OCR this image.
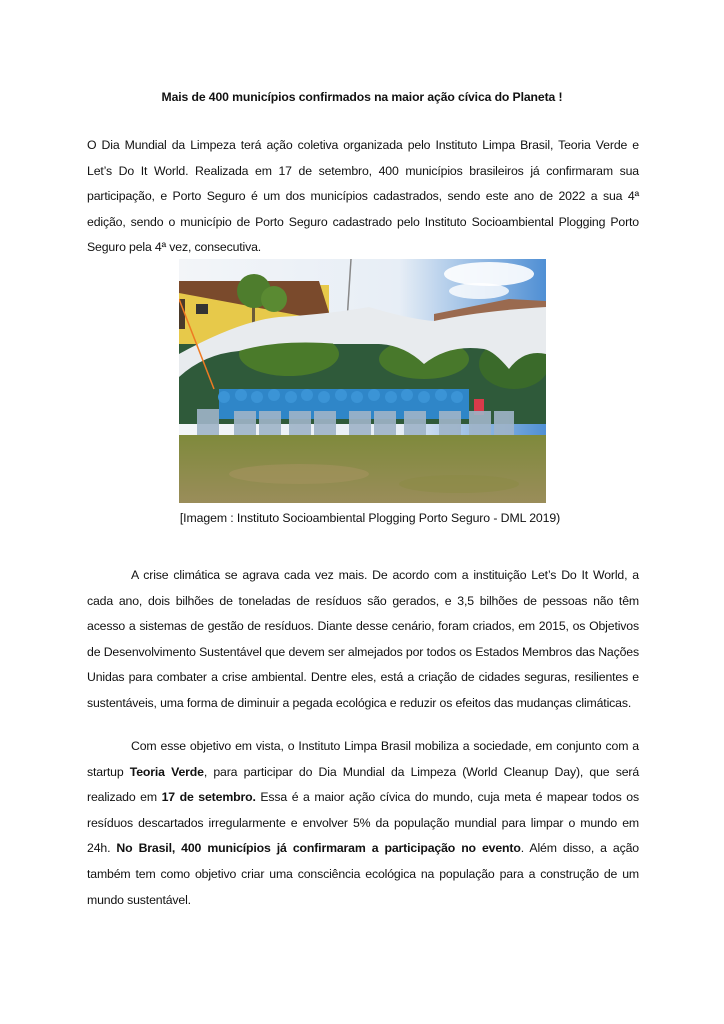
Mais de 400 municípios confirmados na maior ação cívica do Planeta !
O Dia Mundial da Limpeza terá ação coletiva organizada pelo Instituto Limpa Brasil, Teoria Verde e Let’s Do It World. Realizada em 17 de setembro, 400 municípios brasileiros já confirmaram sua participação, e Porto Seguro é um dos municípios cadastrados, sendo este ano de 2022 a sua 4ª edição, sendo o município de Porto Seguro cadastrado pelo Instituto Socioambiental Plogging Porto Seguro pela 4ª vez, consecutiva.
[Imagem : Instituto Socioambiental Plogging Porto Seguro - DML 2019)
A crise climática se agrava cada vez mais. De acordo com a instituição Let’s Do It World, a cada ano, dois bilhões de toneladas de resíduos são gerados, e 3,5 bilhões de pessoas não têm acesso a sistemas de gestão de resíduos. Diante desse cenário, foram criados, em 2015, os Objetivos de Desenvolvimento Sustentável que devem ser almejados por todos os Estados Membros das Nações Unidas para combater a crise ambiental. Dentre eles, está a criação de cidades seguras, resilientes e sustentáveis, uma forma de diminuir a pegada ecológica e reduzir os efeitos das mudanças climáticas.
Com esse objetivo em vista, o Instituto Limpa Brasil mobiliza a sociedade, em conjunto com a startup Teoria Verde, para participar do Dia Mundial da Limpeza (World Cleanup Day), que será realizado em 17 de setembro. Essa é a maior ação cívica do mundo, cuja meta é mapear todos os resíduos descartados irregularmente e envolver 5% da população mundial para limpar o mundo em 24h. No Brasil, 400 municípios já confirmaram a participação no evento. Além disso, a ação também tem como objetivo criar uma consciência ecológica na população para a construção de um mundo sustentável.
